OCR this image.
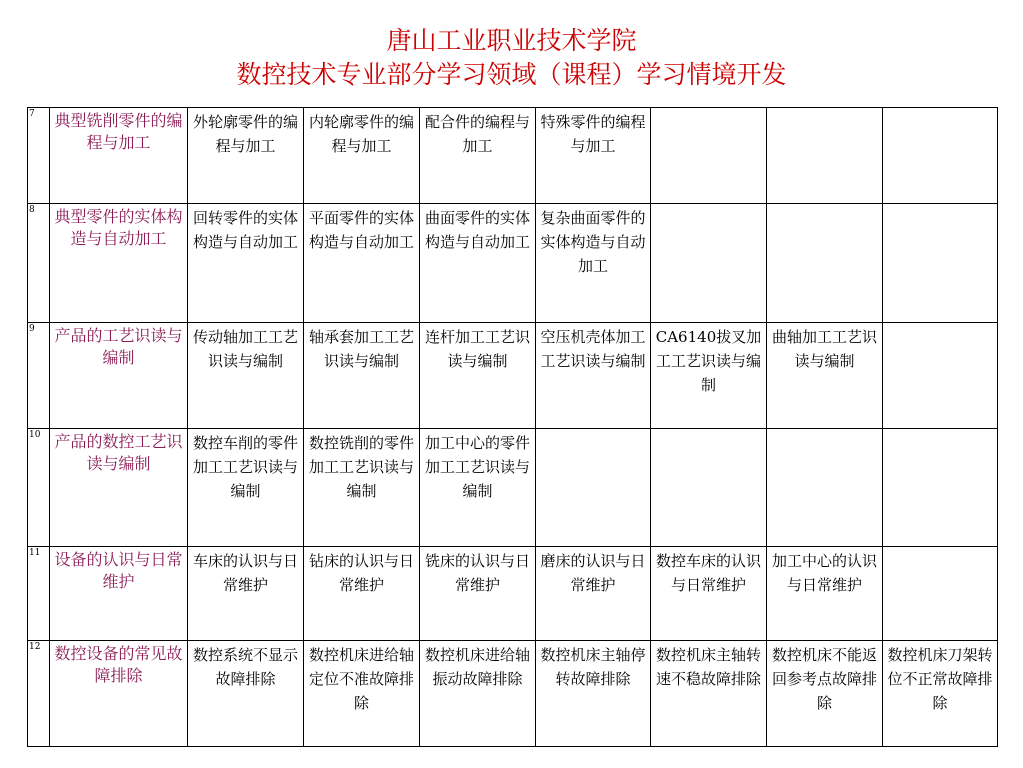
唐山工业职业技术学院
数控技术专业部分学习领域（课程）学习情境开发
7	典型铣削零件的编程与加工	外轮廓零件的编程与加工	内轮廓零件的编程与加工	配合件的编程与加工	特殊零件的编程与加工			
8	典型零件的实体构造与自动加工	回转零件的实体构造与自动加工	平面零件的实体构造与自动加工	曲面零件的实体构造与自动加工	复杂曲面零件的实体构造与自动加工			
9	产品的工艺识读与编制	传动轴加工工艺识读与编制	轴承套加工工艺识读与编制	连杆加工工艺识读与编制	空压机壳体加工工艺识读与编制	CA6140拔叉加工工艺识读与编制	曲轴加工工艺识读与编制	
10	产品的数控工艺识读与编制	数控车削的零件加工工艺识读与编制	数控铣削的零件加工工艺识读与编制	加工中心的零件加工工艺识读与编制				
11	设备的认识与日常维护	车床的认识与日常维护	钻床的认识与日常维护	铣床的认识与日常维护	磨床的认识与日常维护	数控车床的认识与日常维护	加工中心的认识与日常维护	
12	数控设备的常见故障排除	数控系统不显示故障排除	数控机床进给轴定位不准故障排除	数控机床进给轴振动故障排除	数控机床主轴停转故障排除	数控机床主轴转速不稳故障排除	数控机床不能返回参考点故障排除	数控机床刀架转位不正常故障排除
